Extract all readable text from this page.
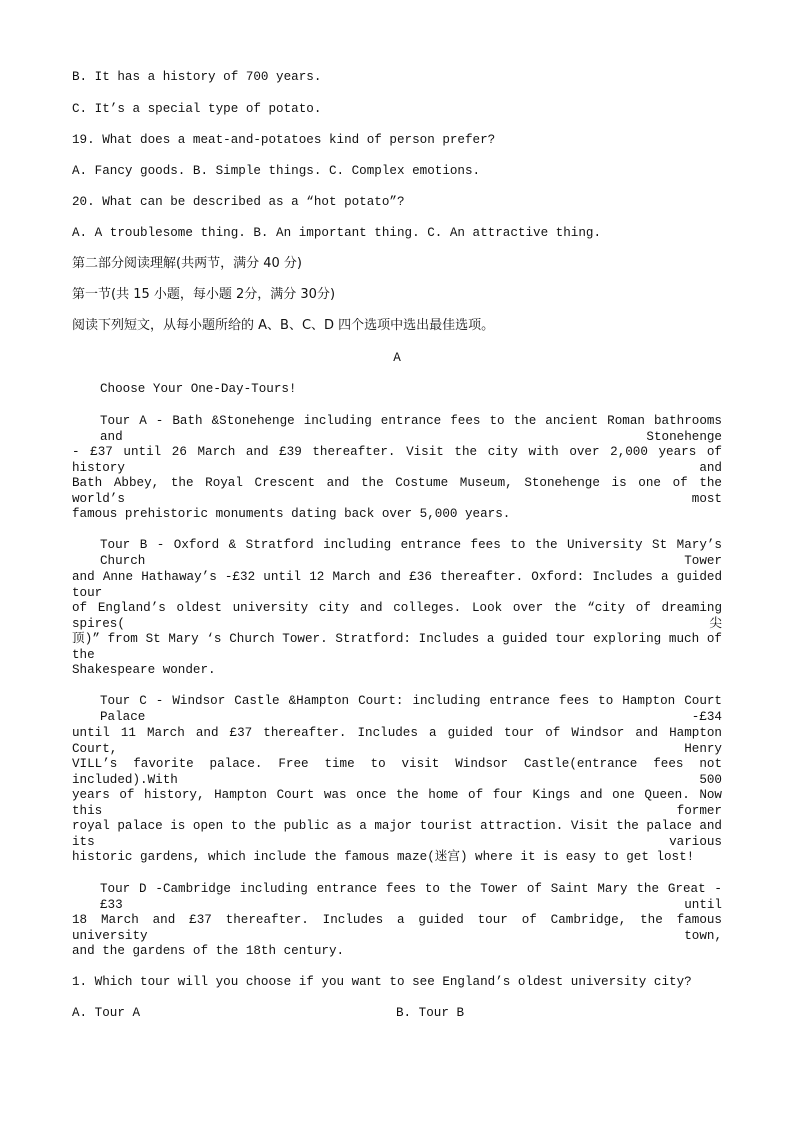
B. It has a history of 700 years.
C. It’s a special type of potato.
19. What does a meat-and-potatoes kind of person prefer?
A. Fancy goods. B. Simple things. C. Complex emotions.
20. What can be described as a “hot potato”?
A. A troublesome thing. B. An important thing. C. An attractive thing.
第二部分阅读理解(共两节，满分 40 分)
第一节(共 15 小题，每小题 2分，满分 30分)
阅读下列短文，从每小题所给的 A、B、C、D 四个选项中选出最佳选项。
A
Choose Your One-Day-Tours!
Tour A - Bath &Stonehenge including entrance fees to the ancient Roman bathrooms and Stonehenge
- £37 until 26 March and £39 thereafter. Visit the city with over 2,000 years of history and
Bath Abbey, the Royal Crescent and the Costume Museum, Stonehenge is one of the world’s most
famous prehistoric monuments dating back over 5,000 years.
Tour B - Oxford & Stratford including entrance fees to the University St Mary’s Church Tower
and Anne Hathaway’s -£32 until 12 March and £36 thereafter. Oxford: Includes a guided tour
of England’s oldest university city and colleges. Look over the “city of dreaming spires(尖
顶)” from St Mary ‘s Church Tower. Stratford: Includes a guided tour exploring much of the
Shakespeare wonder.
Tour C - Windsor Castle &Hampton Court: including entrance fees to Hampton Court Palace -£34
until 11 March and £37 thereafter. Includes a guided tour of Windsor and Hampton Court, Henry
VILL’s favorite palace. Free time to visit Windsor Castle(entrance fees not included).With 500
years of history, Hampton Court was once the home of four Kings and one Queen. Now this former
royal palace is open to the public as a major tourist attraction. Visit the palace and its various
historic gardens, which include the famous maze(迷宫) where it is easy to get lost!
Tour D -Cambridge including entrance fees to the Tower of Saint Mary the Great -£33 until
18 March and £37 thereafter. Includes a guided tour of Cambridge, the famous university town,
and the gardens of the 18th century.
1. Which tour will you choose if you want to see England’s oldest university city?
A. Tour A	B. Tour B
